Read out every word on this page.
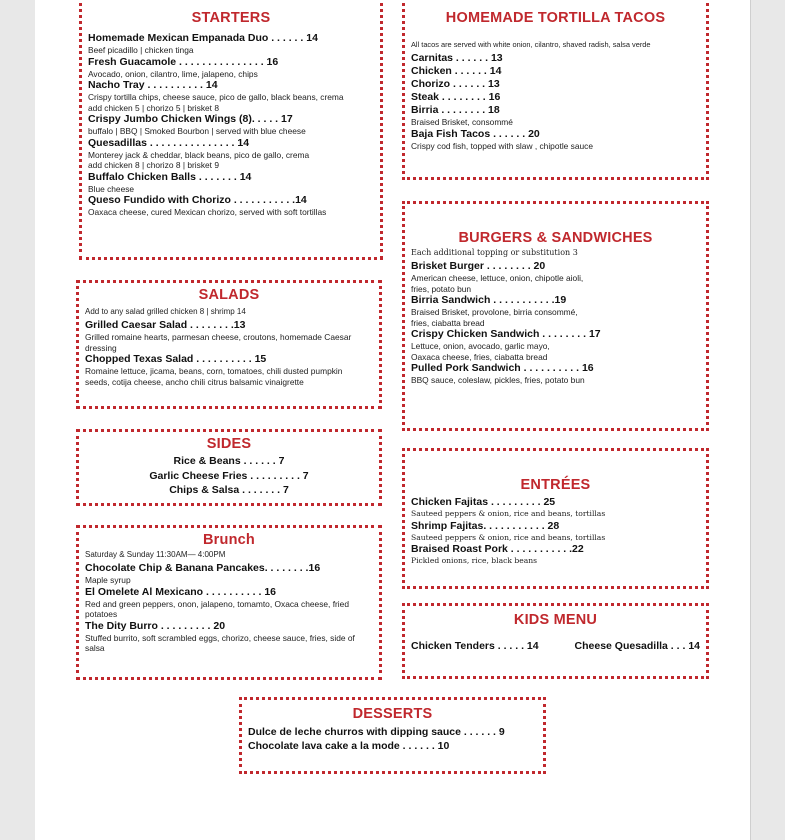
STARTERS
Homemade Mexican Empanada Duo . . . . . . 14
Beef picadillo | chicken tinga
Fresh Guacamole . . . . . . . . . . . . . . . 16
Avocado, onion, cilantro, lime, jalapeno, chips
Nacho Tray . . . . . . . . . . 14
Crispy tortilla chips, cheese sauce, pico de gallo, black beans, crema
add chicken 5 | chorizo 5 | brisket 8
Crispy Jumbo Chicken Wings (8). . . . . 17
buffalo | BBQ | Smoked Bourbon | served with blue cheese
Quesadillas . . . . . . . . . . . . . . . 14
Monterey jack & cheddar, black beans, pico de gallo, crema
add chicken 8 | chorizo 8 | brisket 9
Buffalo Chicken Balls . . . . . . . 14
Blue cheese
Queso Fundido with Chorizo . . . . . . . . . . .14
Oaxaca cheese, cured Mexican chorizo, served with soft tortillas
SALADS
Add to any salad grilled chicken 8 | shrimp 14
Grilled Caesar Salad . . . . . . . .13
Grilled romaine hearts, parmesan cheese, croutons, homemade Caesar
dressing
Chopped Texas Salad . . . . . . . . . . 15
Romaine lettuce, jicama, beans, corn, tomatoes, chili dusted pumpkin
seeds, cotija cheese, ancho chili citrus balsamic vinaigrette
SIDES
Rice & Beans . . . . . . 7
Garlic Cheese Fries . . . . . . . . . 7
Chips & Salsa . . . . . . . 7
Brunch
Saturday & Sunday 11:30AM— 4:00PM
Chocolate Chip & Banana Pancakes. . . . . . . .16
Maple syrup
El Omelete Al Mexicano . . . . . . . . . . 16
Red and green peppers, onon, jalapeno, tomamto, Oxaca cheese, fried
potatoes
The Dity Burro . . . . . . . . . 20
Stuffed burrito, soft scrambled eggs, chorizo, cheese sauce, fries, side of
salsa
HOMEMADE TORTILLA TACOS
All tacos are served with white onion, cilantro, shaved radish, salsa verde
Carnitas . . . . . . 13
Chicken . . . . . . 14
Chorizo . . . . . . 13
Steak . . . . . . . . 16
Birria . . . . . . . . 18
Braised Brisket, consommé
Baja Fish Tacos . . . . . . 20
Crispy cod fish, topped with slaw , chipotle sauce
BURGERS & SANDWICHES
Each additional topping or substitution 3
Brisket Burger . . . . . . . . 20
American cheese, lettuce, onion, chipotle aioli,
fries, potato bun
Birria Sandwich . . . . . . . . . . .19
Braised Brisket, provolone, birria consommé,
fries, ciabatta bread
Crispy Chicken Sandwich . . . . . . . . 17
Lettuce, onion, avocado, garlic mayo,
Oaxaca cheese, fries, ciabatta bread
Pulled Pork Sandwich . . . . . . . . . . 16
BBQ sauce, coleslaw, pickles, fries, potato bun
ENTRÉES
Chicken Fajitas . . . . . . . . . 25
Sauteed peppers & onion, rice and beans, tortillas
Shrimp Fajitas. . . . . . . . . . . 28
Sauteed peppers & onion, rice and beans, tortillas
Braised Roast Pork . . . . . . . . . . .22
Pickled onions, rice, black beans
KIDS MENU
Chicken Tenders . . . . . 14	Cheese Quesadilla . . . 14
DESSERTS
Dulce de leche churros with dipping sauce . . . . . . 9
Chocolate lava cake a la mode . . . . . . 10
